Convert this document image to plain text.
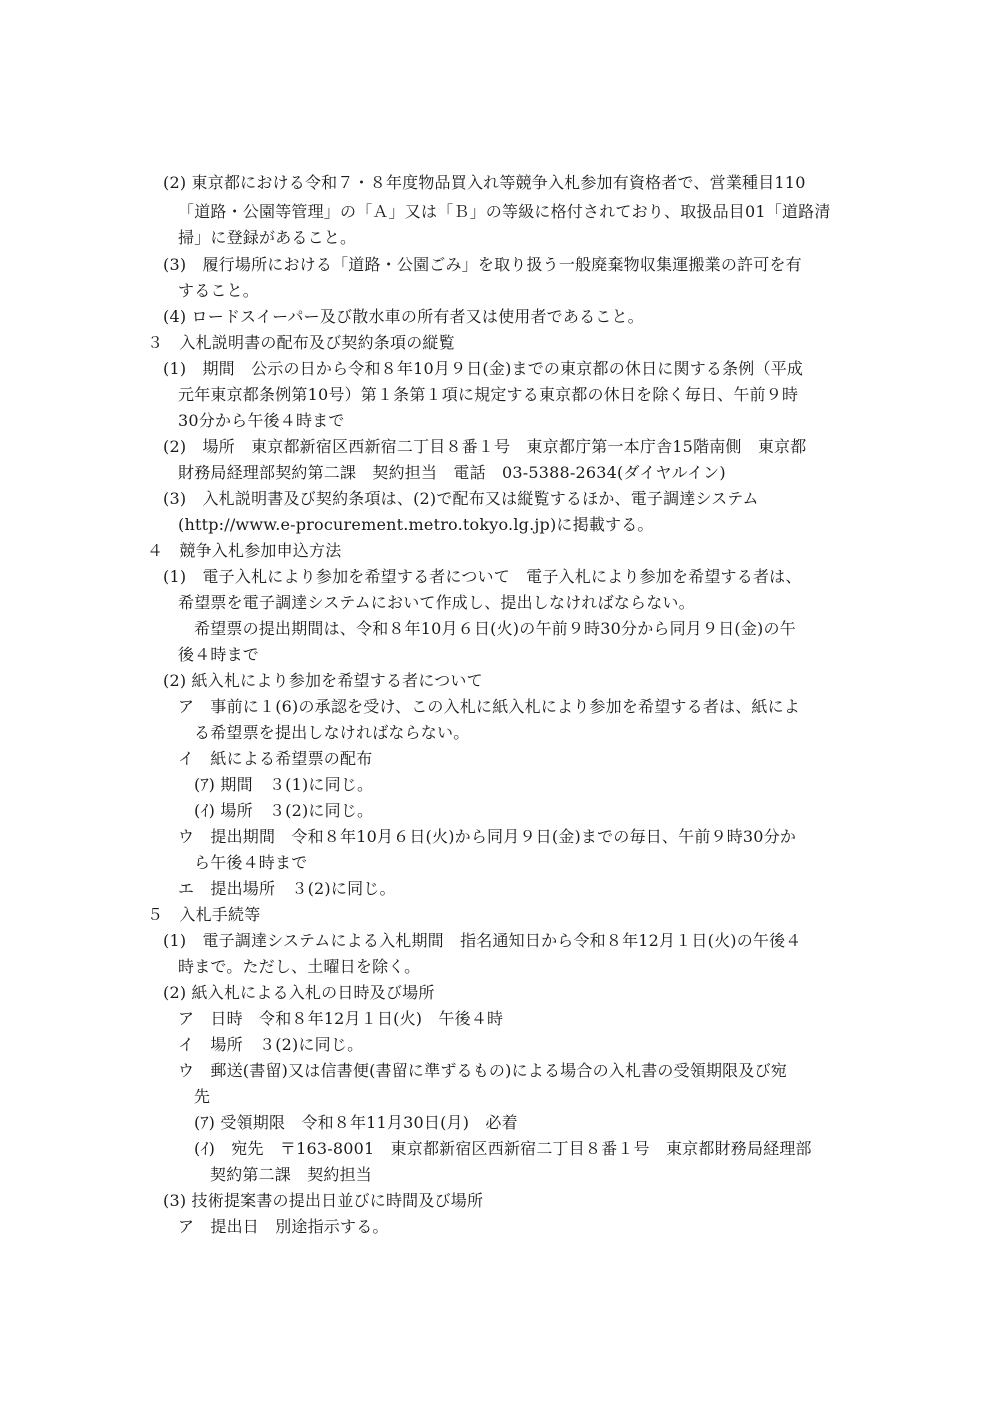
(2) 東京都における令和７・８年度物品買入れ等競争入札参加有資格者で、営業種目110
「道路・公園等管理」の「Ａ」又は「Ｂ」の等級に格付されており、取扱品目01「道路清
掃」に登録があること。
(3)　履行場所における「道路・公園ごみ」を取り扱う一般廃棄物収集運搬業の許可を有
すること。
(4) ロードスイーパー及び散水車の所有者又は使用者であること。
３　入札説明書の配布及び契約条項の縦覧
(1)　期間　公示の日から令和８年10月９日(金)までの東京都の休日に関する条例（平成
元年東京都条例第10号）第１条第１項に規定する東京都の休日を除く毎日、午前９時
30分から午後４時まで
(2)　場所　東京都新宿区西新宿二丁目８番１号　東京都庁第一本庁舎15階南側　東京都
財務局経理部契約第二課　契約担当　電話　03-5388-2634(ダイヤルイン)
(3)　入札説明書及び契約条項は、(2)で配布又は縦覧するほか、電子調達システム
(http://www.e-procurement.metro.tokyo.lg.jp)に掲載する。
４　競争入札参加申込方法
(1)　電子入札により参加を希望する者について　電子入札により参加を希望する者は、
希望票を電子調達システムにおいて作成し、提出しなければならない。
希望票の提出期間は、令和８年10月６日(火)の午前９時30分から同月９日(金)の午
後４時まで
(2) 紙入札により参加を希望する者について
ア　事前に１(6)の承認を受け、この入札に紙入札により参加を希望する者は、紙によ
る希望票を提出しなければならない。
イ　紙による希望票の配布
(ｱ) 期間　３(1)に同じ。
(ｲ) 場所　３(2)に同じ。
ウ　提出期間　令和８年10月６日(火)から同月９日(金)までの毎日、午前９時30分か
ら午後４時まで
エ　提出場所　３(2)に同じ。
５　入札手続等
(1)　電子調達システムによる入札期間　指名通知日から令和８年12月１日(火)の午後４
時まで。ただし、土曜日を除く。
(2) 紙入札による入札の日時及び場所
ア　日時　令和８年12月１日(火)　午後４時
イ　場所　３(2)に同じ。
ウ　郵送(書留)又は信書便(書留に準ずるもの)による場合の入札書の受領期限及び宛
先
(ｱ) 受領期限　令和８年11月30日(月)　必着
(ｲ)　宛先　〒163-8001　東京都新宿区西新宿二丁目８番１号　東京都財務局経理部
契約第二課　契約担当
(3) 技術提案書の提出日並びに時間及び場所
ア　提出日　別途指示する。
